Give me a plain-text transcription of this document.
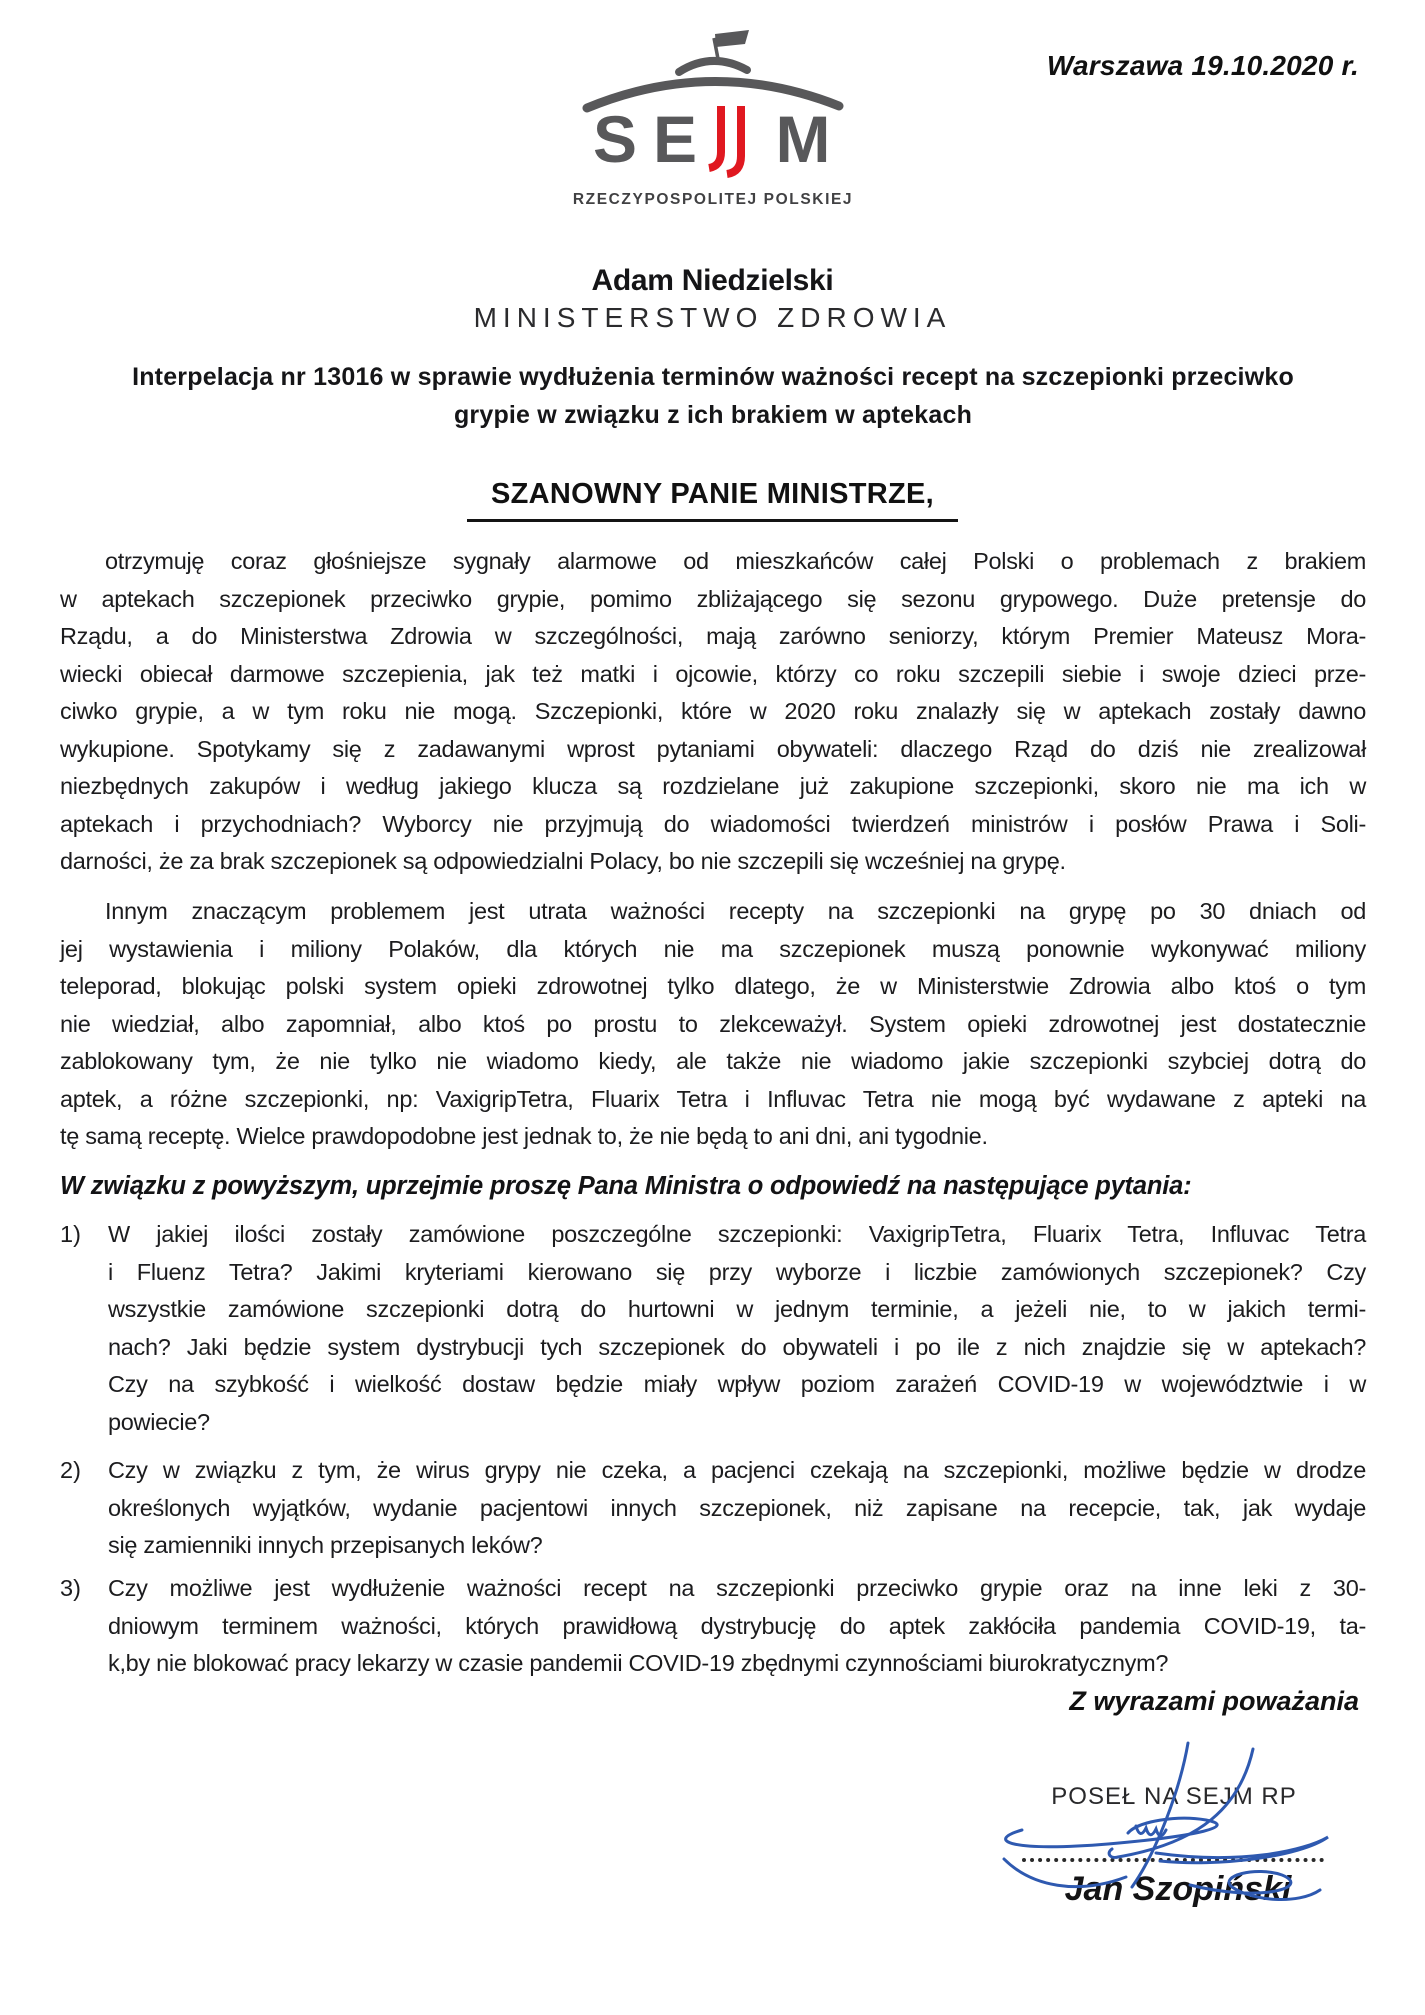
Warszawa 19.10.2020 r.
S E M
RZECZYPOSPOLITEJ POLSKIEJ
Adam Niedzielski
MINISTERSTWO ZDROWIA
Interpelacja nr 13016 w sprawie wydłużenia terminów ważności recept na szczepionki przeciwko
grypie w związku z ich brakiem w aptekach
SZANOWNY PANIE MINISTRZE,
otrzymuję coraz głośniejsze sygnały alarmowe od mieszkańców całej Polski o problemach z brakiem
w aptekach szczepionek przeciwko grypie, pomimo zbliżającego się sezonu grypowego. Duże pretensje do
Rządu, a do Ministerstwa Zdrowia w szczególności, mają zarówno seniorzy, którym Premier Mateusz Mora-
wiecki obiecał darmowe szczepienia, jak też matki i ojcowie, którzy co roku szczepili siebie i swoje dzieci prze-
ciwko grypie, a w tym roku nie mogą. Szczepionki, które w 2020 roku znalazły się w aptekach zostały dawno
wykupione. Spotykamy się z zadawanymi wprost pytaniami obywateli: dlaczego Rząd do dziś nie zrealizował
niezbędnych zakupów i według jakiego klucza są rozdzielane już zakupione szczepionki, skoro nie ma ich w
aptekach i przychodniach? Wyborcy nie przyjmują do wiadomości twierdzeń ministrów i posłów Prawa i Soli-
darności, że za brak szczepionek są odpowiedzialni Polacy, bo nie szczepili się wcześniej na grypę.
Innym znaczącym problemem jest utrata ważności recepty na szczepionki na grypę po 30 dniach od
jej wystawienia i miliony Polaków, dla których nie ma szczepionek muszą ponownie wykonywać miliony
teleporad, blokując polski system opieki zdrowotnej tylko dlatego, że w Ministerstwie Zdrowia albo ktoś o tym
nie wiedział, albo zapomniał, albo ktoś po prostu to zlekceważył. System opieki zdrowotnej jest dostatecznie
zablokowany tym, że nie tylko nie wiadomo kiedy, ale także nie wiadomo jakie szczepionki szybciej dotrą do
aptek, a różne szczepionki, np: VaxigripTetra, Fluarix Tetra i Influvac Tetra nie mogą być wydawane z apteki na
tę samą receptę. Wielce prawdopodobne jest jednak to, że nie będą to ani dni, ani tygodnie.
W związku z powyższym, uprzejmie proszę Pana Ministra o odpowiedź na następujące pytania:
1)	W jakiej ilości zostały zamówione poszczególne szczepionki: VaxigripTetra, Fluarix Tetra, Influvac Tetra
i Fluenz Tetra? Jakimi kryteriami kierowano się przy wyborze i liczbie zamówionych szczepionek? Czy
wszystkie zamówione szczepionki dotrą do hurtowni w jednym terminie, a jeżeli nie, to w jakich termi-
nach? Jaki będzie system dystrybucji tych szczepionek do obywateli i po ile z nich znajdzie się w aptekach?
Czy na szybkość i wielkość dostaw będzie miały wpływ poziom zarażeń COVID-19 w województwie i w
powiecie?
2)	Czy w związku z tym, że wirus grypy nie czeka, a pacjenci czekają na szczepionki, możliwe będzie w drodze
określonych wyjątków, wydanie pacjentowi innych szczepionek, niż zapisane na recepcie, tak, jak wydaje
się zamienniki innych przepisanych leków?
3)	Czy możliwe jest wydłużenie ważności recept na szczepionki przeciwko grypie oraz na inne leki z 30-
dniowym terminem ważności, których prawidłową dystrybucję do aptek zakłóciła pandemia COVID-19, ta-
k,by nie blokować pracy lekarzy w czasie pandemii COVID-19 zbędnymi czynnościami biurokratycznym?
Z wyrazami poważania
POSEŁ NA SEJM RP
Jan Szopiński
